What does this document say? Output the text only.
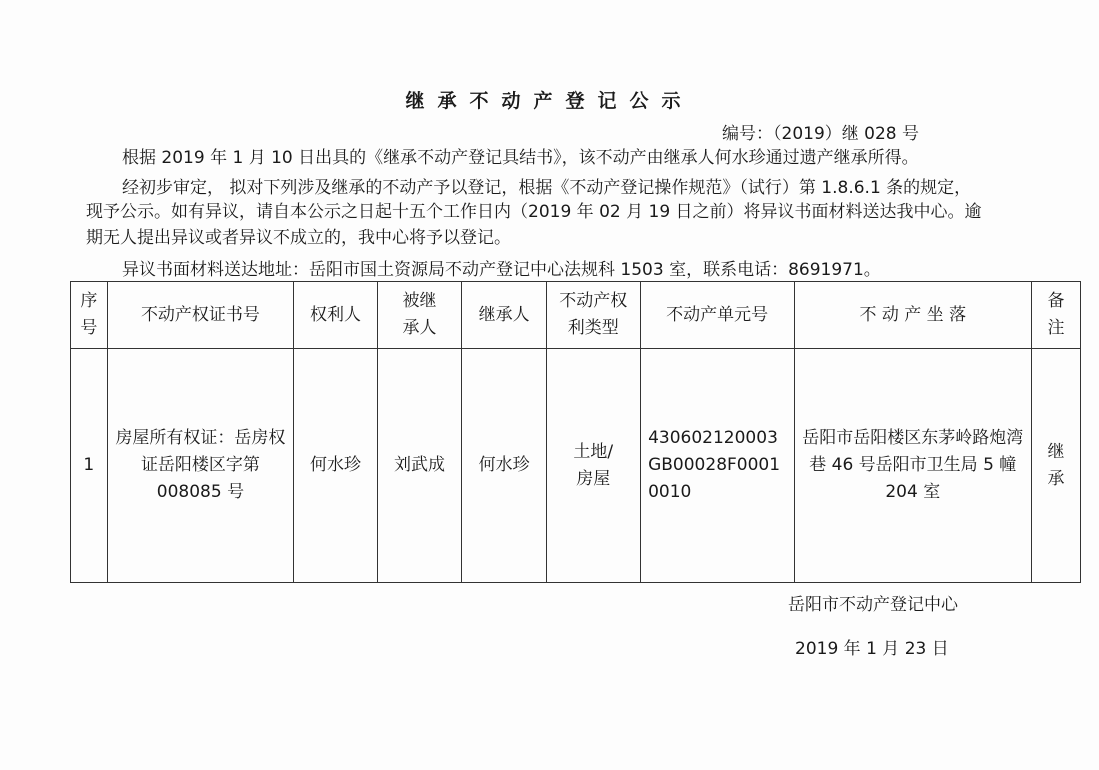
继承不动产登记公示
编号：（2019）继 028 号
根据 2019 年 1 月 10 日出具的《继承不动产登记具结书》，该不动产由继承人何水珍通过遗产继承所得。
经初步审定， 拟对下列涉及继承的不动产予以登记，根据《不动产登记操作规范》（试行）第 1.8.6.1 条的规定，
现予公示。如有异议，请自本公示之日起十五个工作日内（2019 年 02 月 19 日之前）将异议书面材料送达我中心。逾
期无人提出异议或者异议不成立的，我中心将予以登记。
异议书面材料送达地址：岳阳市国土资源局不动产登记中心法规科 1503 室，联系电话：8691971。
序号	不动产权证书号	权利人	被继承人	继承人	不动产权利类型	不动产单元号	不 动 产 坐 落	备注
1	房屋所有权证：岳房权证岳阳楼区字第 008085 号	何水珍	刘武成	何水珍	土地/房屋	430602120003GB00028F00010010	岳阳市岳阳楼区东茅岭路炮湾巷 46 号岳阳市卫生局 5 幢 204 室	继承
岳阳市不动产登记中心
2019 年 1 月 23 日
